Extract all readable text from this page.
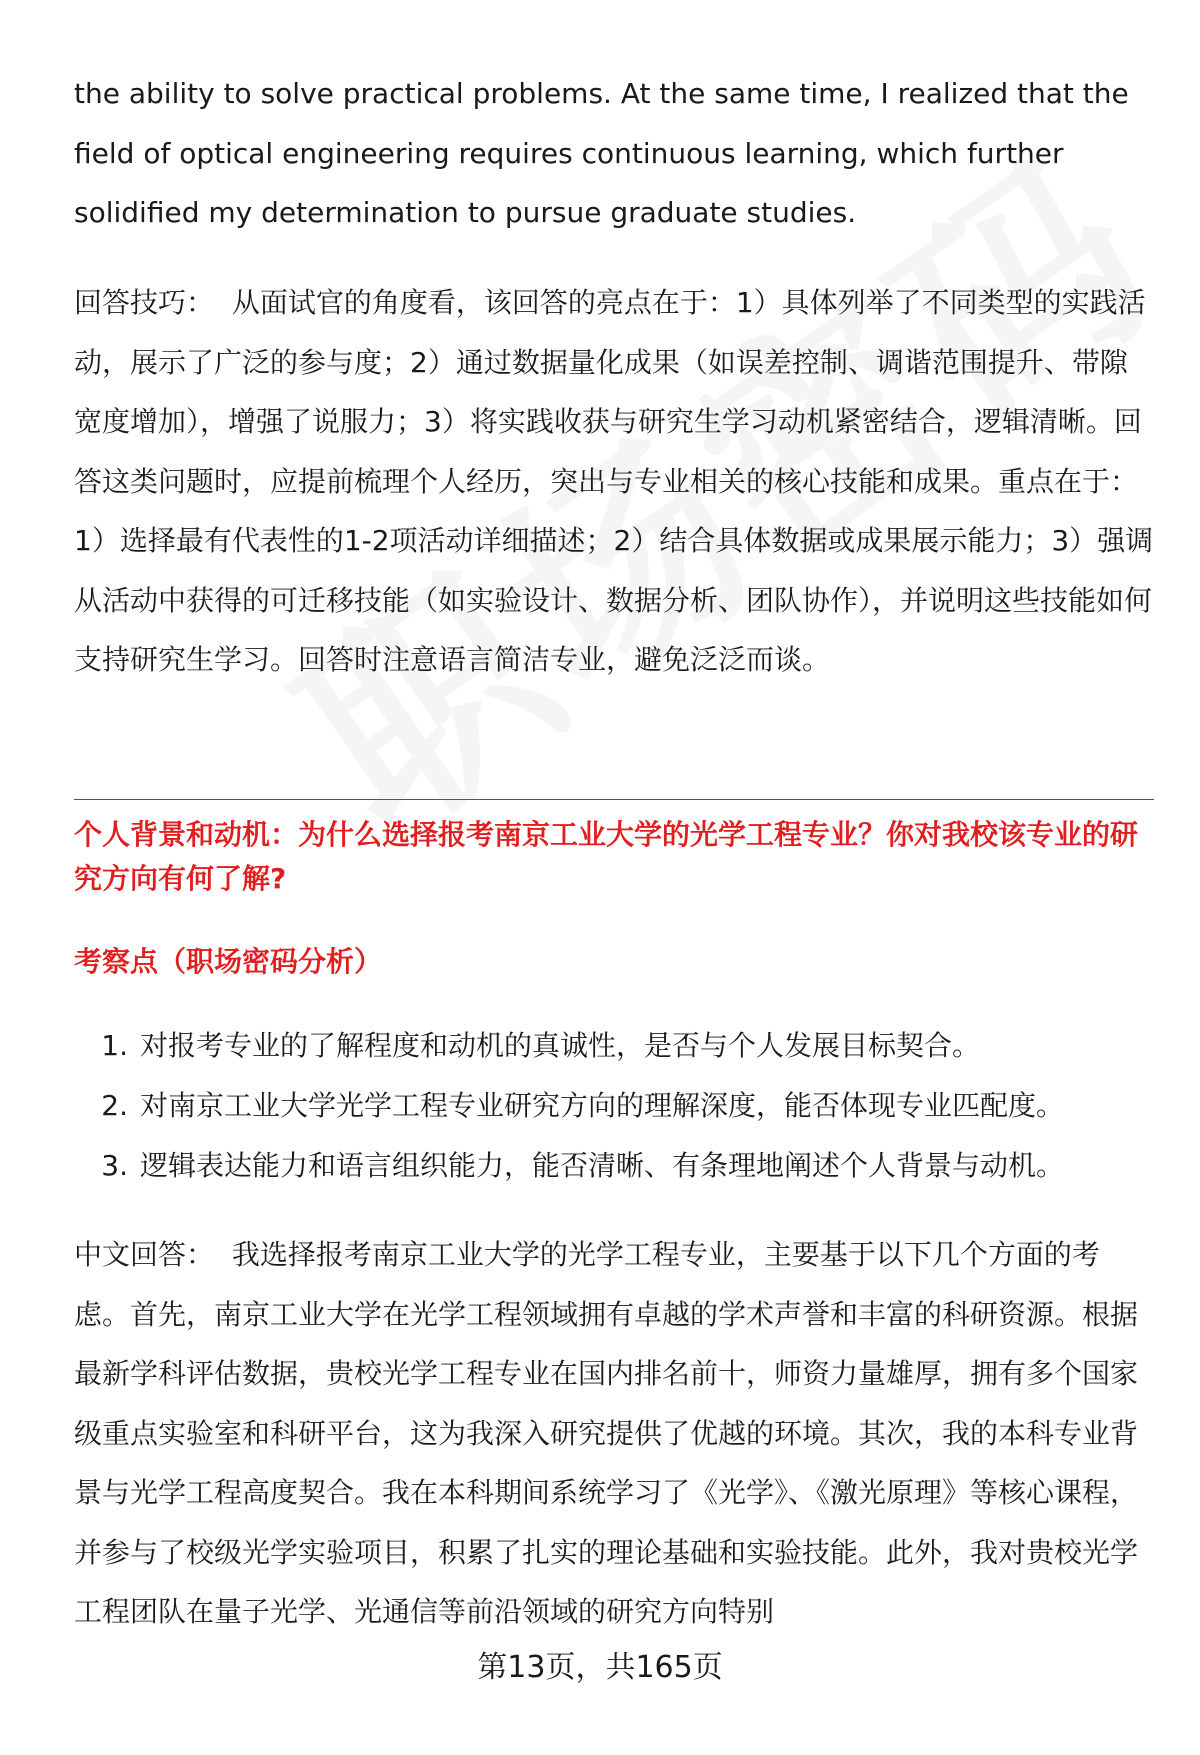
the ability to solve practical problems. At the same time, I realized that the field of optical engineering requires continuous learning, which further solidified my determination to pursue graduate studies.

回答技巧： 从面试官的角度看，该回答的亮点在于：1）具体列举了不同类型的实践活动，展示了广泛的参与度；2）通过数据量化成果（如误差控制、调谐范围提升、带隙宽度增加），增强了说服力；3）将实践收获与研究生学习动机紧密结合，逻辑清晰。回答这类问题时，应提前梳理个人经历，突出与专业相关的核心技能和成果。重点在于：1）选择最有代表性的1-2项活动详细描述；2）结合具体数据或成果展示能力；3）强调从活动中获得的可迁移技能（如实验设计、数据分析、团队协作），并说明这些技能如何支持研究生学习。回答时注意语言简洁专业，避免泛泛而谈。

个人背景和动机：为什么选择报考南京工业大学的光学工程专业？你对我校该专业的研究方向有何了解?

考察点（职场密码分析）

1. 对报考专业的了解程度和动机的真诚性，是否与个人发展目标契合。
2. 对南京工业大学光学工程专业研究方向的理解深度，能否体现专业匹配度。
3. 逻辑表达能力和语言组织能力，能否清晰、有条理地阐述个人背景与动机。

中文回答： 我选择报考南京工业大学的光学工程专业，主要基于以下几个方面的考虑。首先，南京工业大学在光学工程领域拥有卓越的学术声誉和丰富的科研资源。根据最新学科评估数据，贵校光学工程专业在国内排名前十，师资力量雄厚，拥有多个国家级重点实验室和科研平台，这为我深入研究提供了优越的环境。其次，我的本科专业背景与光学工程高度契合。我在本科期间系统学习了《光学》、《激光原理》等核心课程，并参与了校级光学实验项目，积累了扎实的理论基础和实验技能。此外，我对贵校光学工程团队在量子光学、光通信等前沿领域的研究方向特别

第13页，共165页
